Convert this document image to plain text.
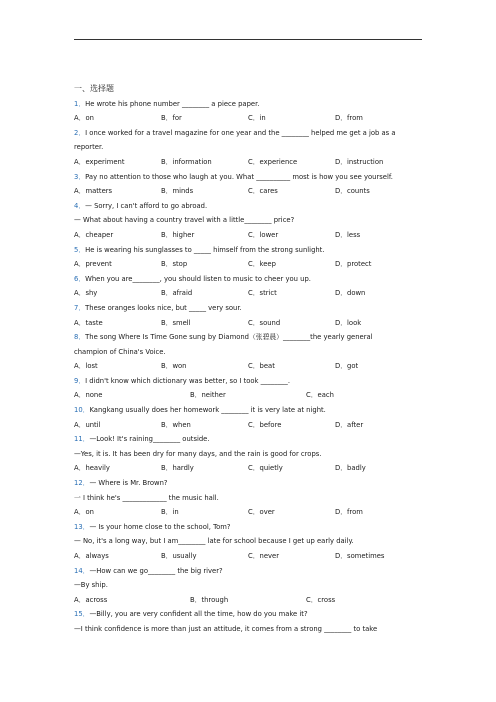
一、选择题
1．He wrote his phone number ________ a piece paper.
A．on	B．for	C．in	D．from
2．I once worked for a travel magazine for one year and the ________ helped me get a job as a
reporter.
A．experiment	B．information	C．experience	D．instruction
3．Pay no attention to those who laugh at you. What __________ most is how you see yourself.
A．matters	B．minds	C．cares	D．counts
4．— Sorry, I can't afford to go abroad.
— What about having a country travel with a little________ price?
A．cheaper	B．higher	C．lower	D．less
5．He is wearing his sunglasses to _____ himself from the strong sunlight.
A．prevent	B．stop	C．keep	D．protect
6．When you are________, you should listen to music to cheer you up.
A．shy	B．afraid	C．strict	D．down
7．These oranges looks nice, but _____ very sour.
A．taste	B．smell	C．sound	D．look
8．The song Where Is Time Gone sung by Diamond（张碧晨）________the yearly general
champion of China's Voice.
A．lost	B．won	C．beat	D．got
9．I didn't know which dictionary was better, so I took ________.
A．none	B．neither	C．each
10．Kangkang usually does her homework ________ it is very late at night.
A．until	B．when	C．before	D．after
11．—Look! It's raining________ outside.
—Yes, it is. It has been dry for many days, and the rain is good for crops.
A．heavily	B．hardly	C．quietly	D．badly
12．— Where is Mr. Brown?
一 I think he's _____________ the music hall.
A．on	B．in	C．over	D．from
13．— Is your home close to the school, Tom?
— No, it's a long way, but I am________ late for school because I get up early daily.
A．always	B．usually	C．never	D．sometimes
14．—How can we go________ the big river?
—By ship.
A．across	B．through	C．cross
15．—Billy, you are very confident all the time, how do you make it?
—I think confidence is more than just an attitude, it comes from a strong ________ to take
